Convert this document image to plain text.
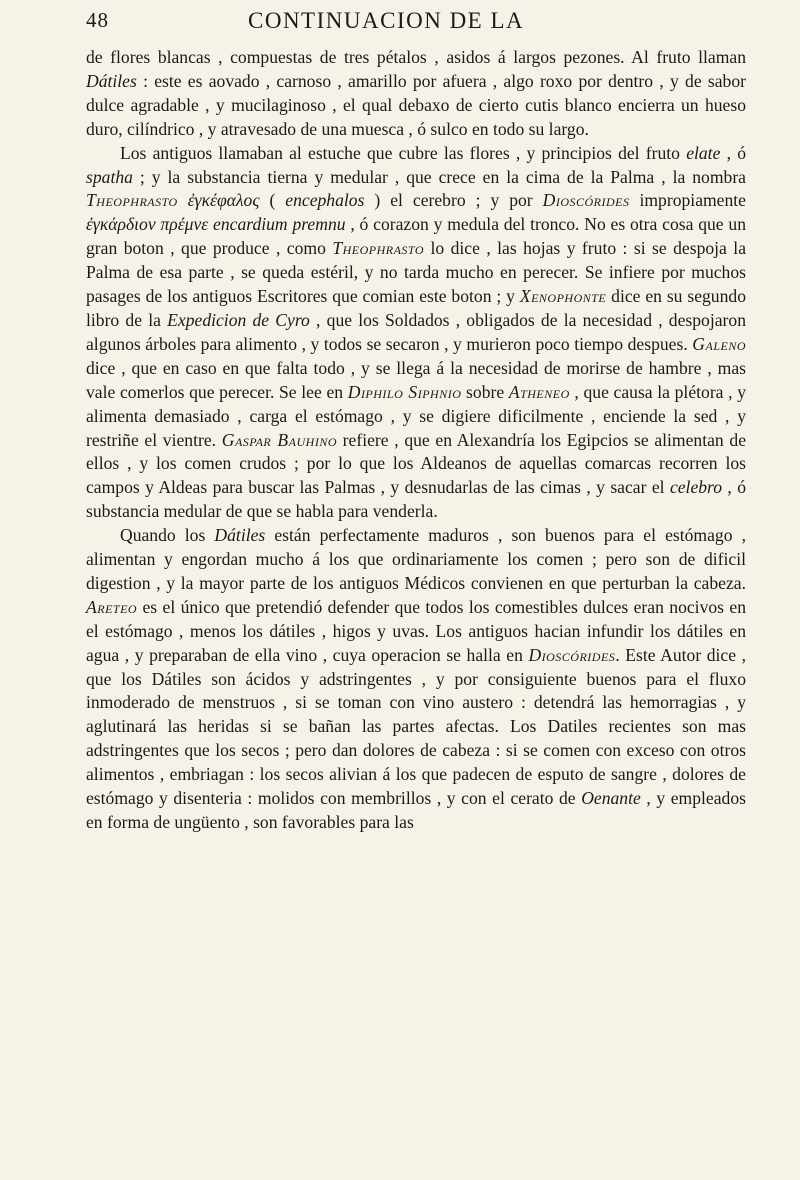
48	CONTINUACION DE LA

de flores blancas , compuestas de tres pétalos , asidos á largos pezones. Al fruto llaman Dátiles : este es aovado , carnoso , amarillo por afuera , algo roxo por dentro , y de sabor dulce agradable , y mucilaginoso , el qual debaxo de cierto cutis blanco encierra un hueso duro, cilíndrico , y atravesado de una muesca , ó sulco en todo su largo.

Los antiguos llamaban al estuche que cubre las flores , y principios del fruto elate , ó spatha ; y la substancia tierna y medular , que crece en la cima de la Palma , la nombra Theophrasto ἐγκέφαλος ( encephalos ) el cerebro ; y por Dioscórides impropiamente ἐγκάρδιον πρέμνε encardium premnu , ó corazon y medula del tronco. No es otra cosa que un gran boton , que produce , como Theophrasto lo dice , las hojas y fruto : si se despoja la Palma de esa parte , se queda estéril, y no tarda mucho en perecer. Se infiere por muchos pasages de los antiguos Escritores que comian este boton ; y Xenophonte dice en su segundo libro de la Expedicion de Cyro , que los Soldados , obligados de la necesidad , despojaron algunos árboles para alimento , y todos se secaron , y murieron poco tiempo despues. Galeno dice , que en caso en que falta todo , y se llega á la necesidad de morirse de hambre , mas vale comerlos que perecer. Se lee en Diphilo Siphnio sobre Atheneo , que causa la plétora , y alimenta demasiado , carga el estómago , y se digiere dificilmente , enciende la sed , y restriñe el vientre. Gaspar Bauhino refiere , que en Alexandría los Egipcios se alimentan de ellos , y los comen crudos ; por lo que los Aldeanos de aquellas comarcas recorren los campos y Aldeas para buscar las Palmas , y desnudarlas de las cimas , y sacar el celebro , ó substancia medular de que se habla para venderla.

Quando los Dátiles están perfectamente maduros , son buenos para el estómago , alimentan y engordan mucho á los que ordinariamente los comen ; pero son de dificil digestion , y la mayor parte de los antiguos Médicos convienen en que perturban la cabeza. Areteo es el único que pretendió defender que todos los comestibles dulces eran nocivos en el estómago , menos los dátiles , higos y uvas. Los antiguos hacian infundir los dátiles en agua , y preparaban de ella vino , cuya operacion se halla en Dioscórides. Este Autor dice , que los Dátiles son ácidos y adstringentes , y por consiguiente buenos para el fluxo inmoderado de menstruos , si se toman con vino austero : detendrá las hemorragias , y aglutinará las heridas si se bañan las partes afectas. Los Datiles recientes son mas adstringentes que los secos ; pero dan dolores de cabeza : si se comen con exceso con otros alimentos , embriagan : los secos alivian á los que padecen de esputo de sangre , dolores de estómago y disenteria : molidos con membrillos , y con el cerato de Oenante , y empleados en forma de ungüento , son favorables para las
